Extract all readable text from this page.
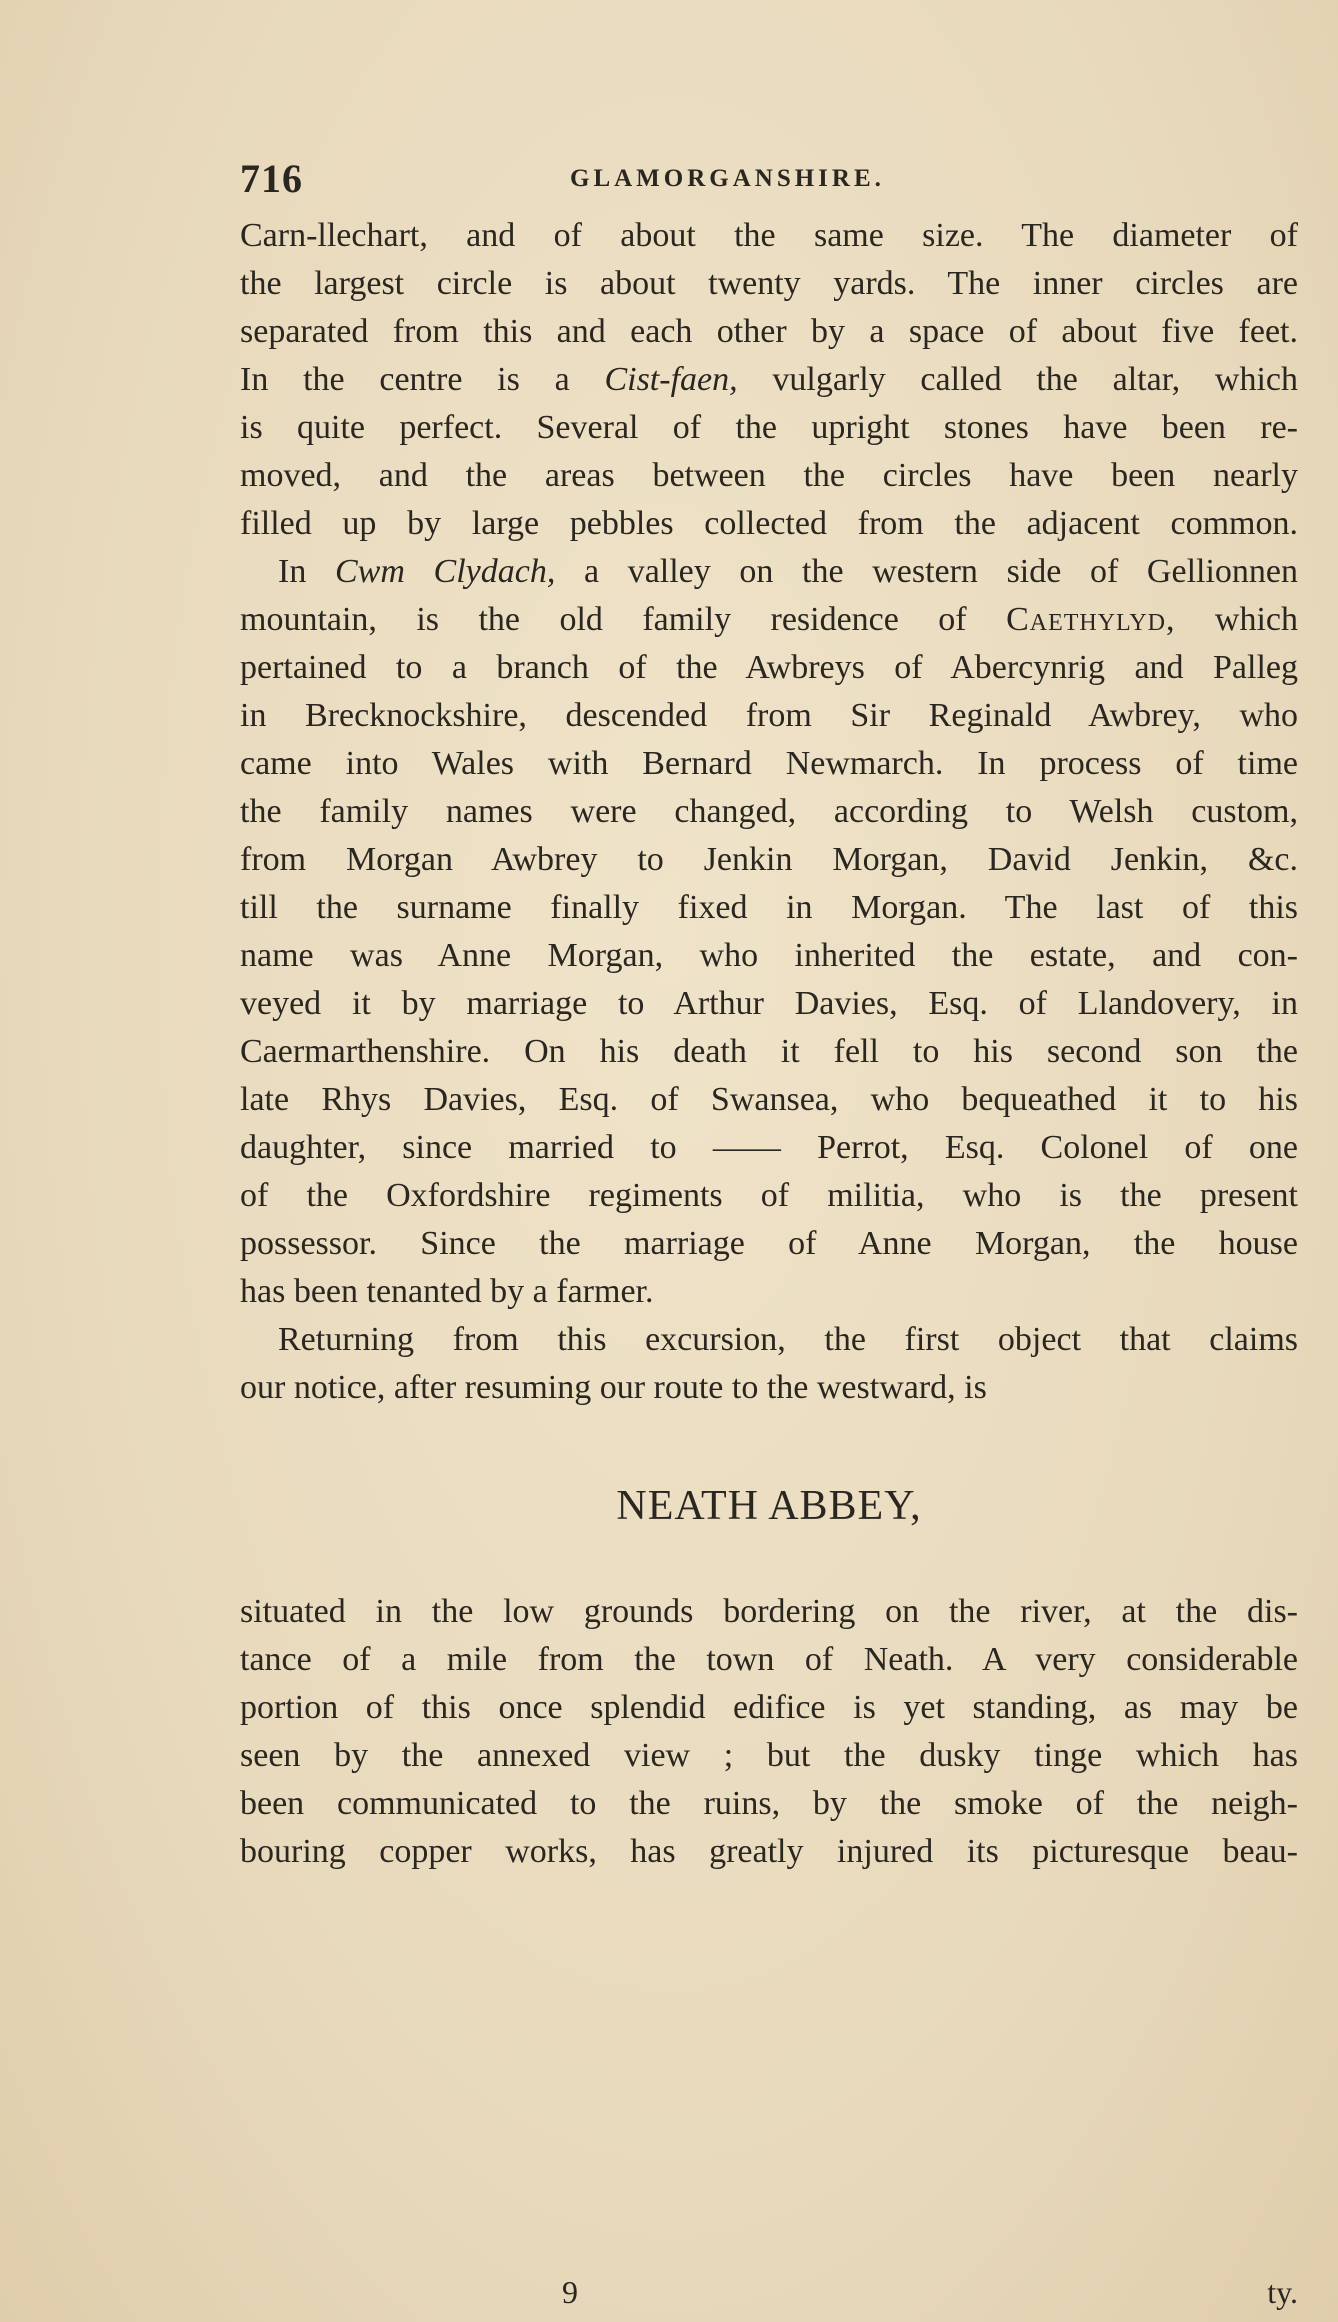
716	GLAMORGANSHIRE.
Carn-llechart, and of about the same size. The diameter of
the largest circle is about twenty yards. The inner circles are
separated from this and each other by a space of about five feet.
In the centre is a Cist-faen, vulgarly called the altar, which
is quite perfect. Several of the upright stones have been re-
moved, and the areas between the circles have been nearly
filled up by large pebbles collected from the adjacent common.
In Cwm Clydach, a valley on the western side of Gellionnen
mountain, is the old family residence of Caethylyd, which
pertained to a branch of the Awbreys of Abercynrig and Palleg
in Brecknockshire, descended from Sir Reginald Awbrey, who
came into Wales with Bernard Newmarch. In process of time
the family names were changed, according to Welsh custom,
from Morgan Awbrey to Jenkin Morgan, David Jenkin, &c.
till the surname finally fixed in Morgan. The last of this
name was Anne Morgan, who inherited the estate, and con-
veyed it by marriage to Arthur Davies, Esq. of Llandovery, in
Caermarthenshire. On his death it fell to his second son the
late Rhys Davies, Esq. of Swansea, who bequeathed it to his
daughter, since married to —— Perrot, Esq. Colonel of one
of the Oxfordshire regiments of militia, who is the present
possessor. Since the marriage of Anne Morgan, the house
has been tenanted by a farmer.
Returning from this excursion, the first object that claims
our notice, after resuming our route to the westward, is
NEATH ABBEY,
situated in the low grounds bordering on the river, at the dis-
tance of a mile from the town of Neath. A very considerable
portion of this once splendid edifice is yet standing, as may be
seen by the annexed view ; but the dusky tinge which has
been communicated to the ruins, by the smoke of the neigh-
bouring copper works, has greatly injured its picturesque beau-
9	ty.
